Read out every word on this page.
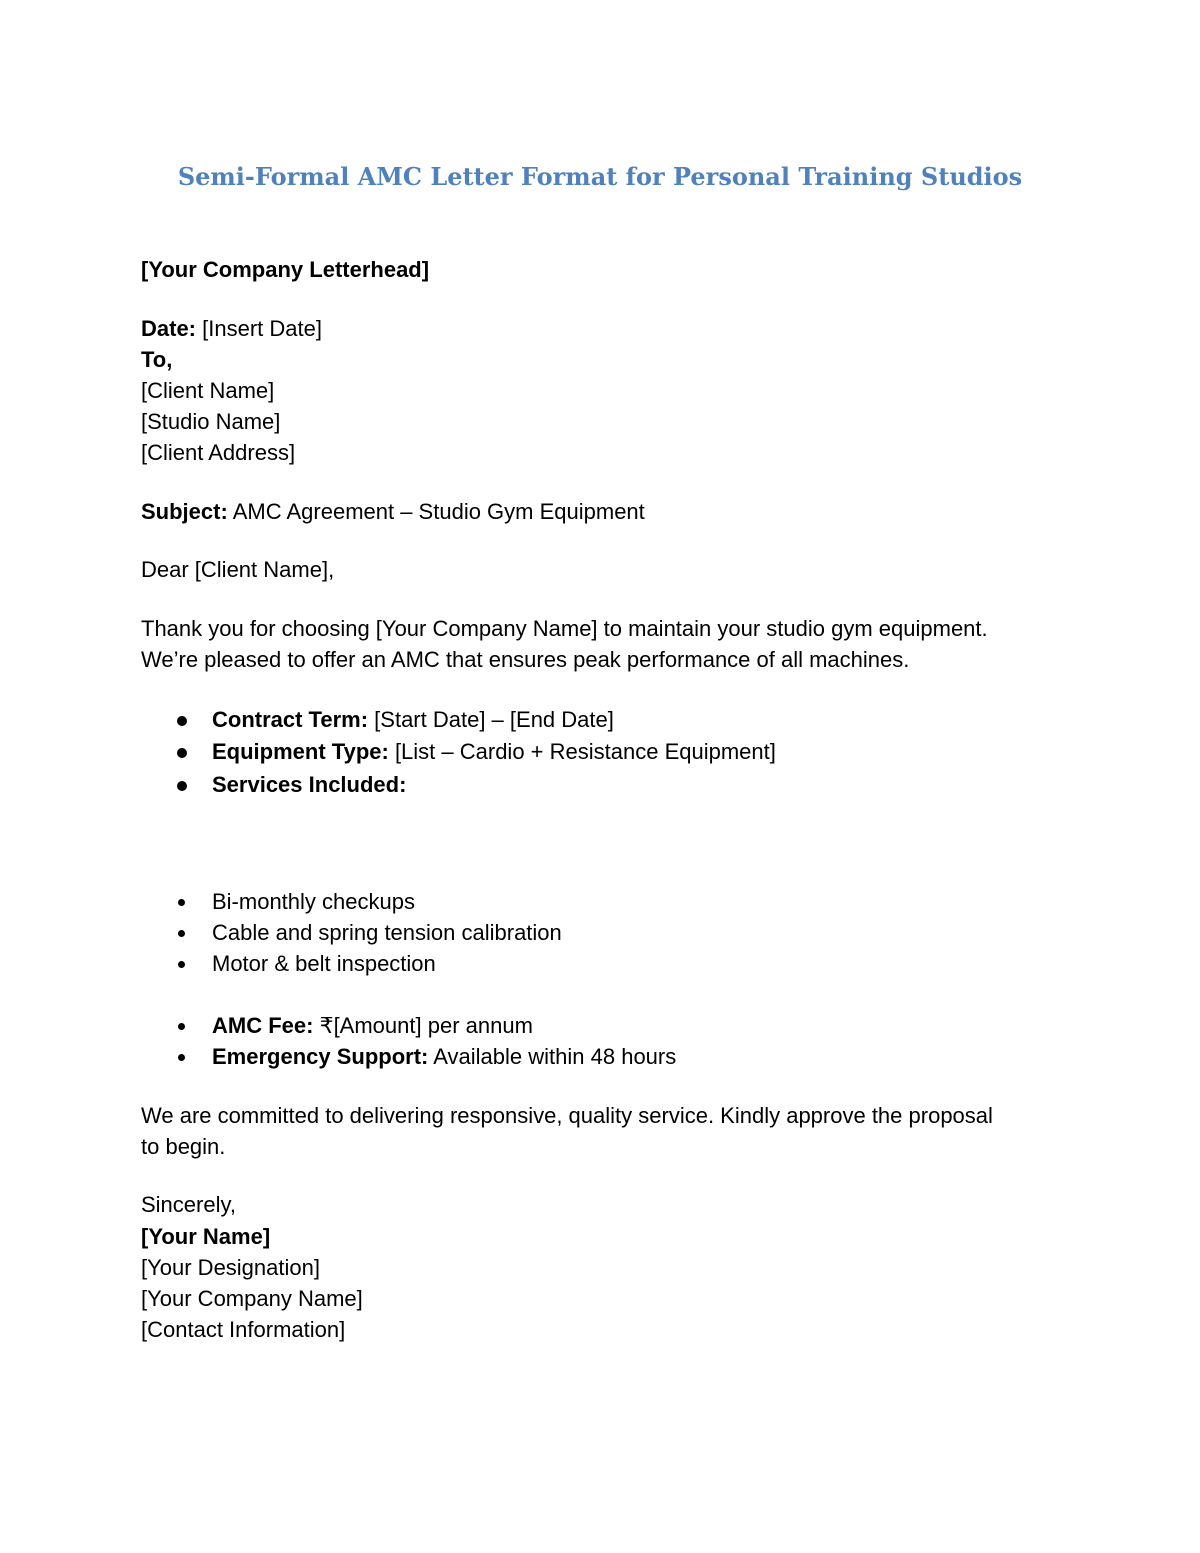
Semi-Formal AMC Letter Format for Personal Training Studios
[Your Company Letterhead]
Date: [Insert Date]
To,
[Client Name]
[Studio Name]
[Client Address]
Subject: AMC Agreement – Studio Gym Equipment
Dear [Client Name],
Thank you for choosing [Your Company Name] to maintain your studio gym equipment.
We’re pleased to offer an AMC that ensures peak performance of all machines.
Contract Term: [Start Date] – [End Date]
Equipment Type: [List – Cardio + Resistance Equipment]
Services Included:
Bi-monthly checkups
Cable and spring tension calibration
Motor & belt inspection
AMC Fee: ₹[Amount] per annum
Emergency Support: Available within 48 hours
We are committed to delivering responsive, quality service. Kindly approve the proposal
to begin.
Sincerely,
[Your Name]
[Your Designation]
[Your Company Name]
[Contact Information]
